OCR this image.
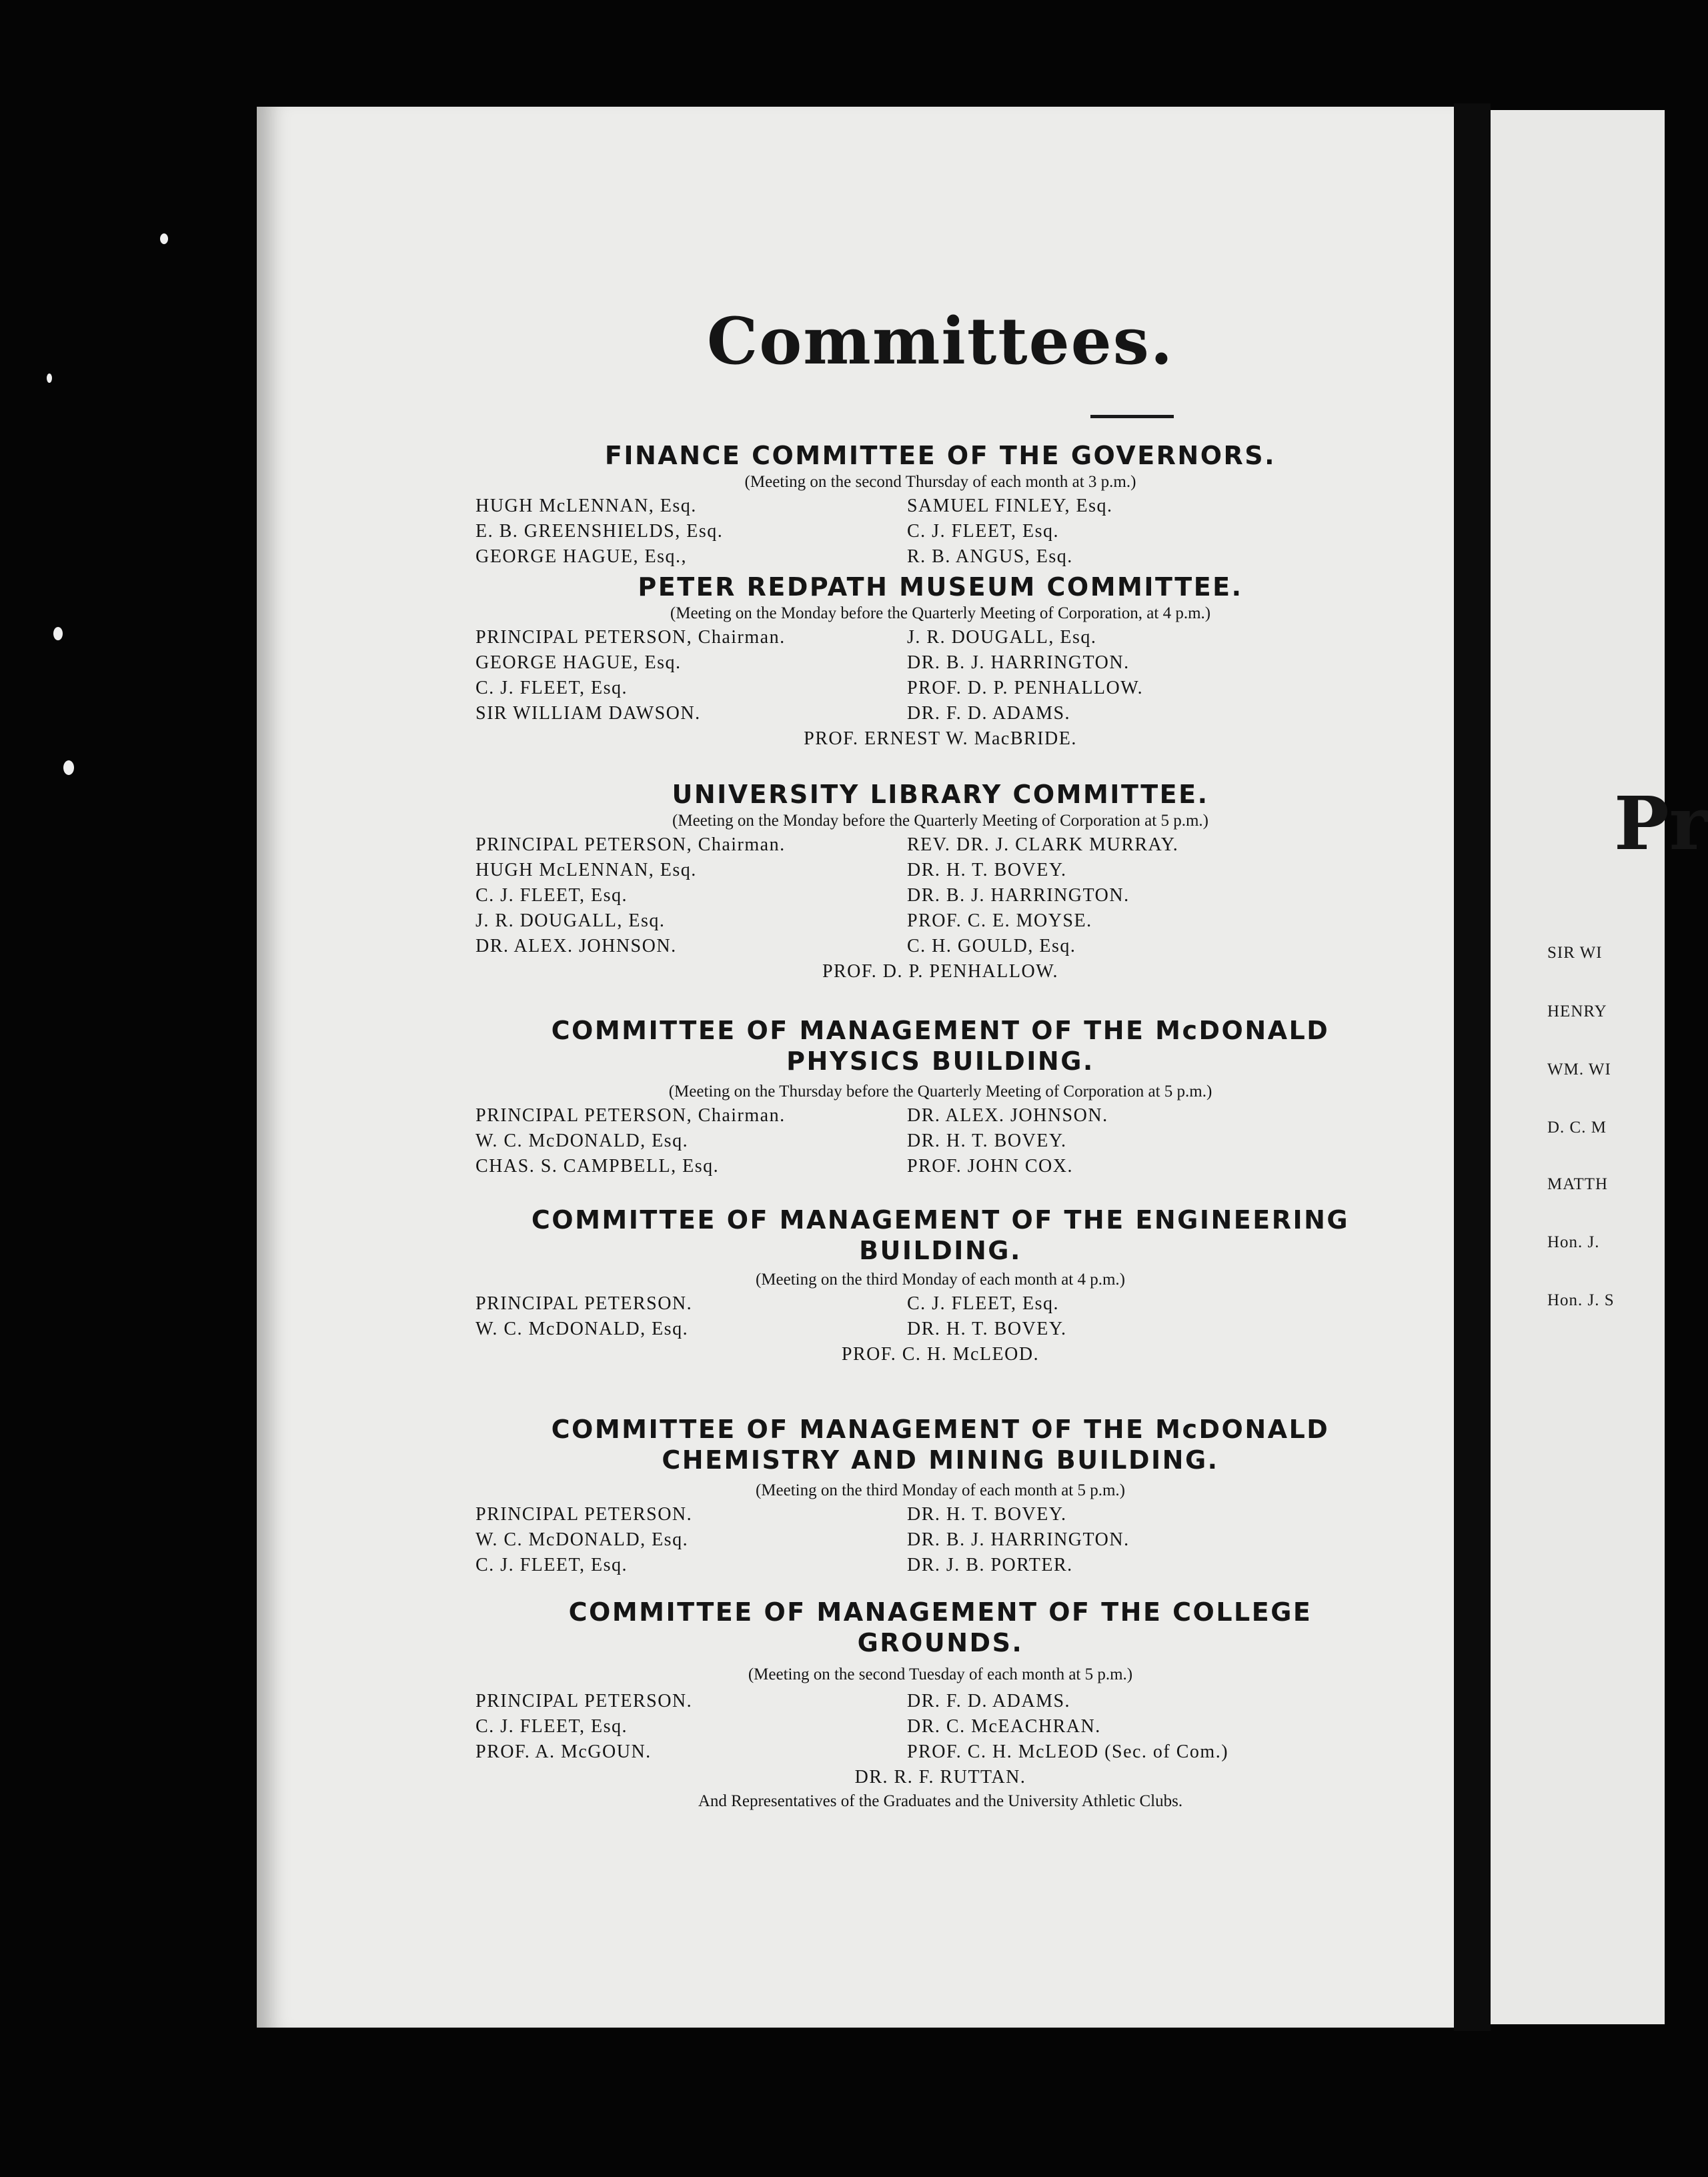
Committees.
FINANCE COMMITTEE OF THE GOVERNORS.
(Meeting on the second Thursday of each month at 3 p.m.)
HUGH McLENNAN, Esq.
E. B. GREENSHIELDS, Esq.
GEORGE HAGUE, Esq.,
SAMUEL FINLEY, Esq.
C. J. FLEET, Esq.
R. B. ANGUS, Esq.
PETER REDPATH MUSEUM COMMITTEE.
(Meeting on the Monday before the Quarterly Meeting of Corporation, at 4 p.m.)
PRINCIPAL PETERSON, Chairman.
GEORGE HAGUE, Esq.
C. J. FLEET, Esq.
SIR WILLIAM DAWSON.
J. R. DOUGALL, Esq.
DR. B. J. HARRINGTON.
PROF. D. P. PENHALLOW.
DR. F. D. ADAMS.
PROF. ERNEST W. MacBRIDE.
UNIVERSITY LIBRARY COMMITTEE.
(Meeting on the Monday before the Quarterly Meeting of Corporation at 5 p.m.)
PRINCIPAL PETERSON, Chairman.
HUGH McLENNAN, Esq.
C. J. FLEET, Esq.
J. R. DOUGALL, Esq.
DR. ALEX. JOHNSON.
REV. DR. J. CLARK MURRAY.
DR. H. T. BOVEY.
DR. B. J. HARRINGTON.
PROF. C. E. MOYSE.
C. H. GOULD, Esq.
PROF. D. P. PENHALLOW.
COMMITTEE OF MANAGEMENT OF THE McDONALD
PHYSICS BUILDING.
(Meeting on the Thursday before the Quarterly Meeting of Corporation at 5 p.m.)
PRINCIPAL PETERSON, Chairman.
W. C. McDONALD, Esq.
CHAS. S. CAMPBELL, Esq.
DR. ALEX. JOHNSON.
DR. H. T. BOVEY.
PROF. JOHN COX.
COMMITTEE OF MANAGEMENT OF THE ENGINEERING
BUILDING.
(Meeting on the third Monday of each month at 4 p.m.)
PRINCIPAL PETERSON.
W. C. McDONALD, Esq.
C. J. FLEET, Esq.
DR. H. T. BOVEY.
PROF. C. H. McLEOD.
COMMITTEE OF MANAGEMENT OF THE McDONALD
CHEMISTRY AND MINING BUILDING.
(Meeting on the third Monday of each month at 5 p.m.)
PRINCIPAL PETERSON.
W. C. McDONALD, Esq.
C. J. FLEET, Esq.
DR. H. T. BOVEY.
DR. B. J. HARRINGTON.
DR. J. B. PORTER.
COMMITTEE OF MANAGEMENT OF THE COLLEGE
GROUNDS.
(Meeting on the second Tuesday of each month at 5 p.m.)
PRINCIPAL PETERSON.
C. J. FLEET, Esq.
PROF. A. McGOUN.
DR. F. D. ADAMS.
DR. C. McEACHRAN.
PROF. C. H. McLEOD (Sec. of Com.)
DR. R. F. RUTTAN.
And Representatives of the Graduates and the University Athletic Clubs.
Pr
SIR WI
HENRY
WM. WI
D. C. M
MATTH
Hon. J.
Hon. J. S
